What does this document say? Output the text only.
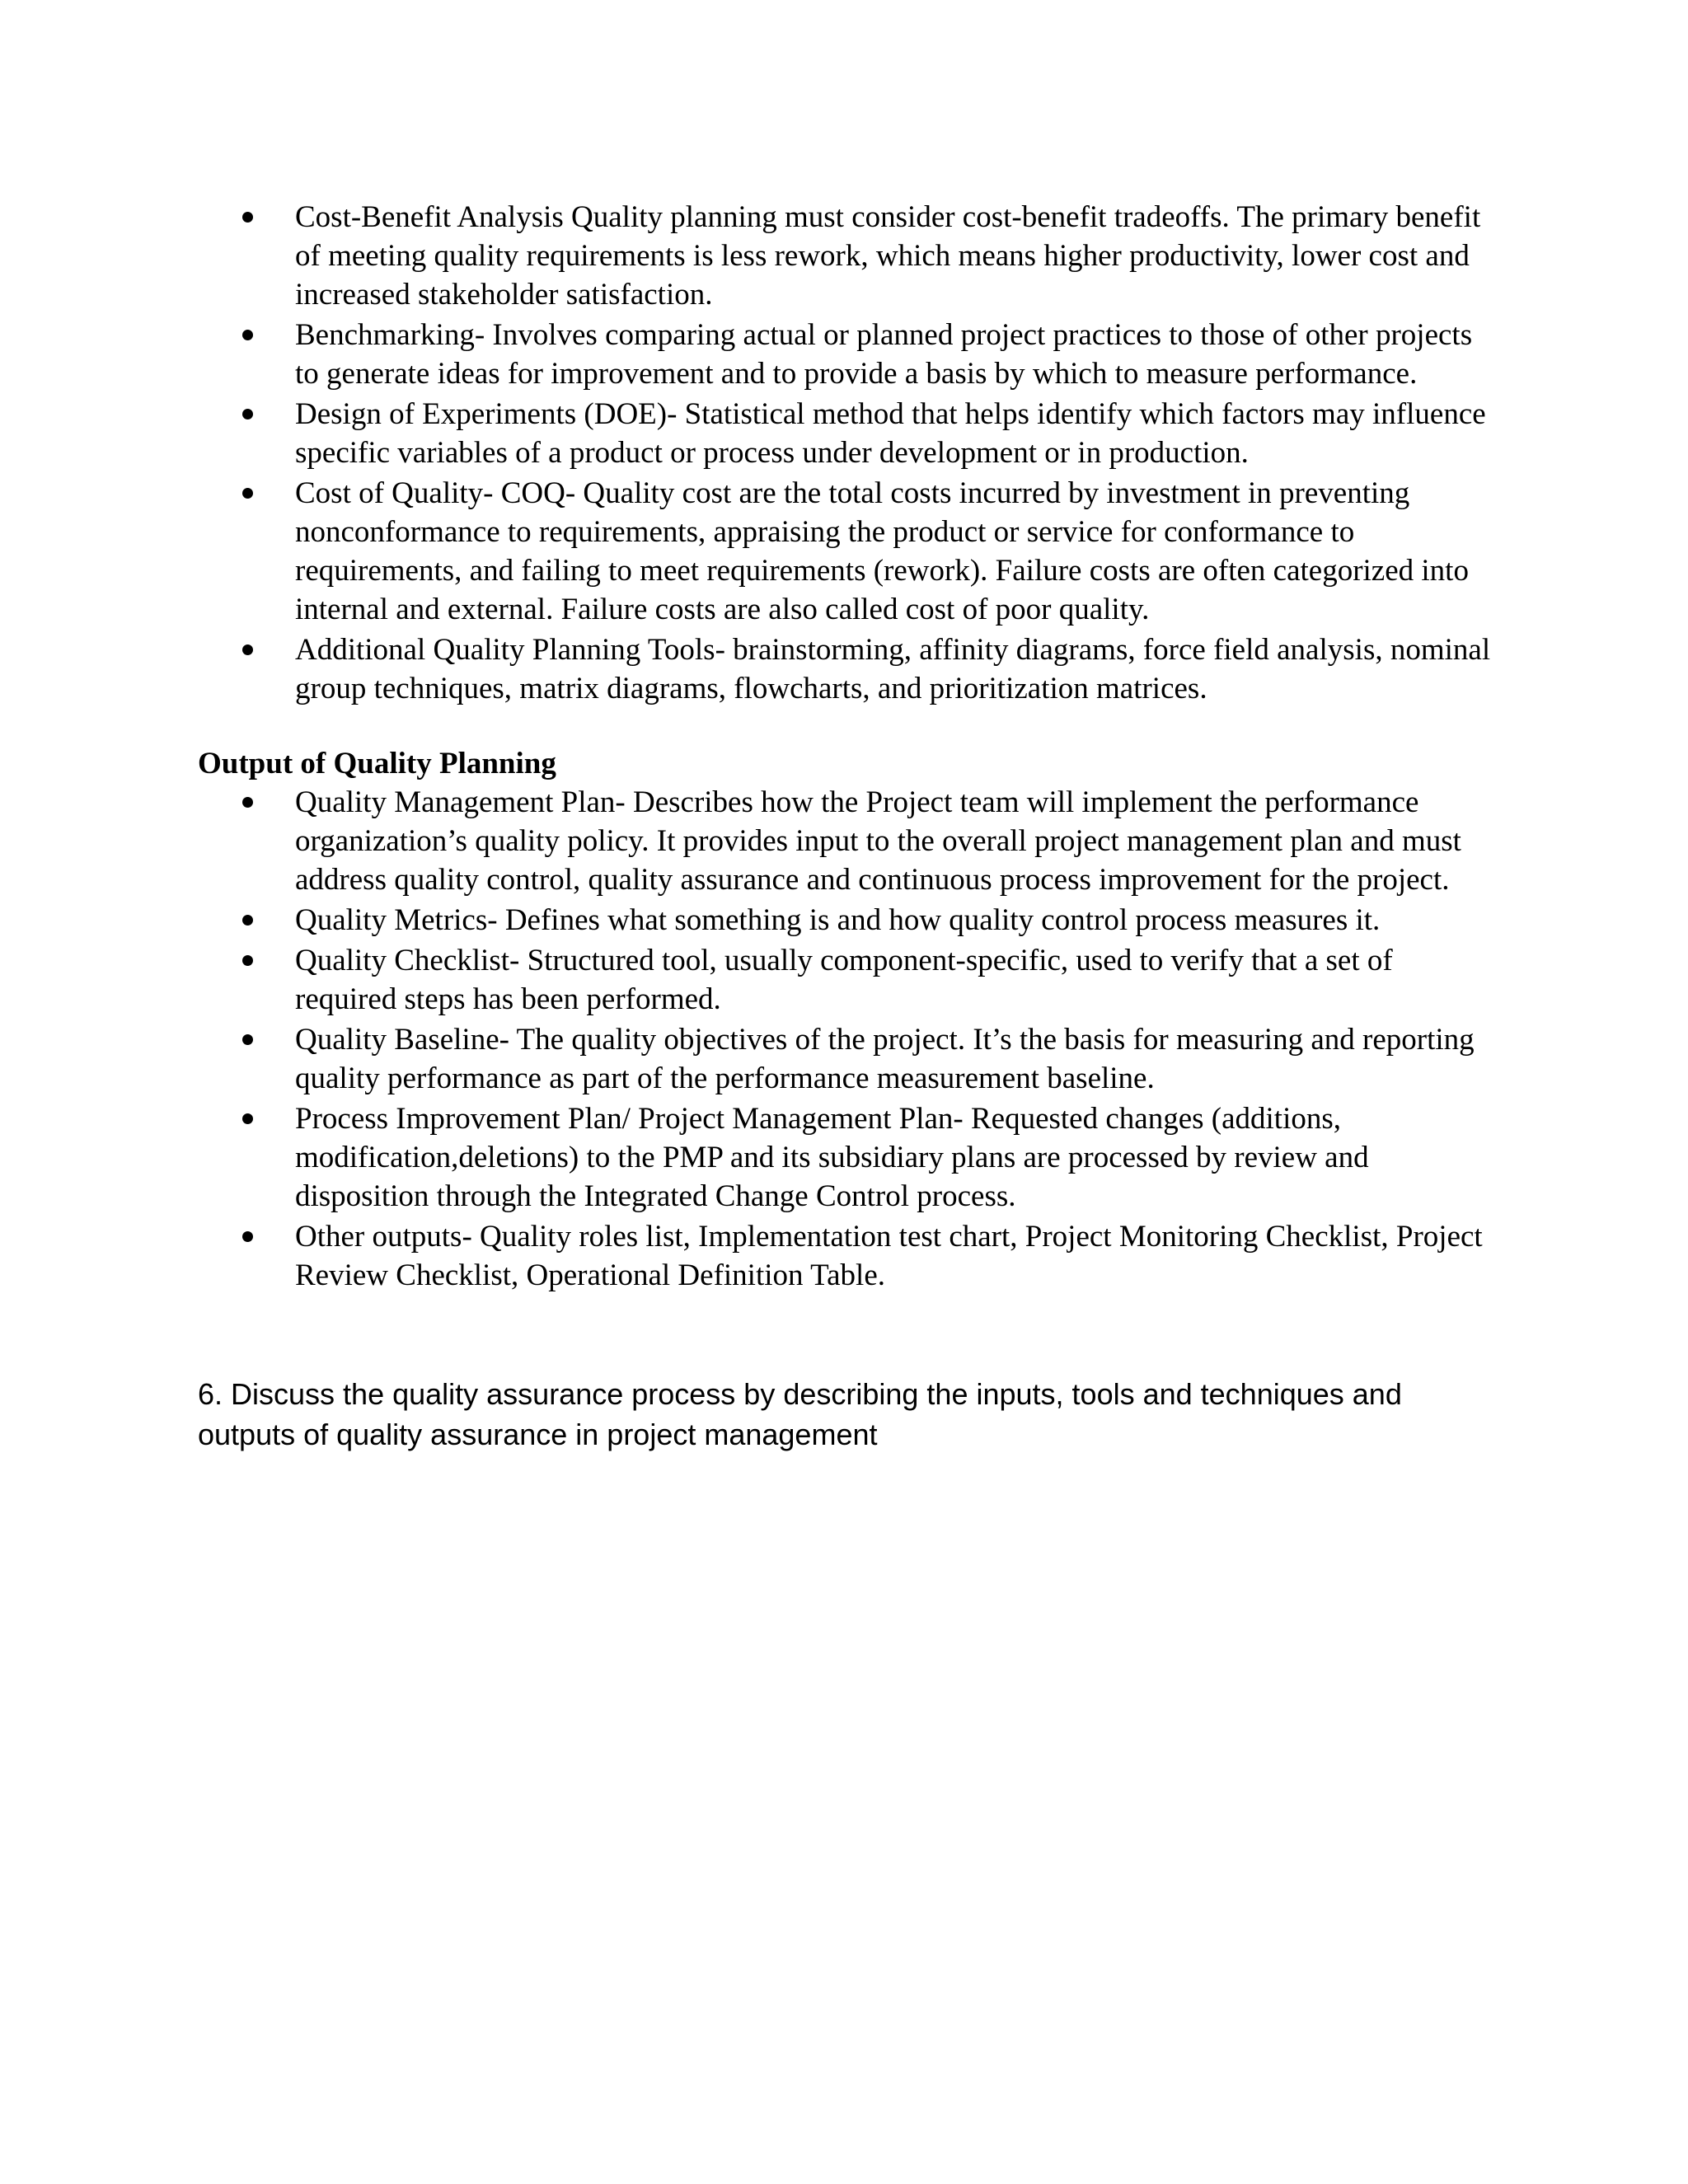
Cost-Benefit Analysis Quality planning must consider cost-benefit tradeoffs. The primary benefit of meeting quality requirements is less rework, which means higher productivity, lower cost and increased stakeholder satisfaction.
Benchmarking- Involves comparing actual or planned project practices to those of other projects to generate ideas for improvement and to provide a basis by which to measure performance.
Design of Experiments (DOE)- Statistical method that helps identify which factors may influence specific variables of a product or process under development or in production.
Cost of Quality- COQ- Quality cost are the total costs incurred by investment in preventing nonconformance to requirements, appraising the product or service for conformance to requirements, and failing to meet requirements (rework). Failure costs are often categorized into internal and external. Failure costs are also called cost of poor quality.
Additional Quality Planning Tools- brainstorming, affinity diagrams, force field analysis, nominal group techniques, matrix diagrams, flowcharts, and prioritization matrices.
Output of Quality Planning
Quality Management Plan- Describes how the Project team will implement the performance organization’s quality policy. It provides input to the overall project management plan and must address quality control, quality assurance and continuous process improvement for the project.
Quality Metrics- Defines what something is and how quality control process measures it.
Quality Checklist- Structured tool, usually component-specific, used to verify that a set of required steps has been performed.
Quality Baseline- The quality objectives of the project. It’s the basis for measuring and reporting quality performance as part of the performance measurement baseline.
Process Improvement Plan/ Project Management Plan- Requested changes (additions, modification,deletions) to the PMP and its subsidiary plans are processed by review and disposition through the Integrated Change Control process.
Other outputs- Quality roles list, Implementation test chart, Project Monitoring Checklist, Project Review Checklist, Operational Definition Table.
6. Discuss the quality assurance process by describing the inputs, tools and techniques and outputs of quality assurance in project management
